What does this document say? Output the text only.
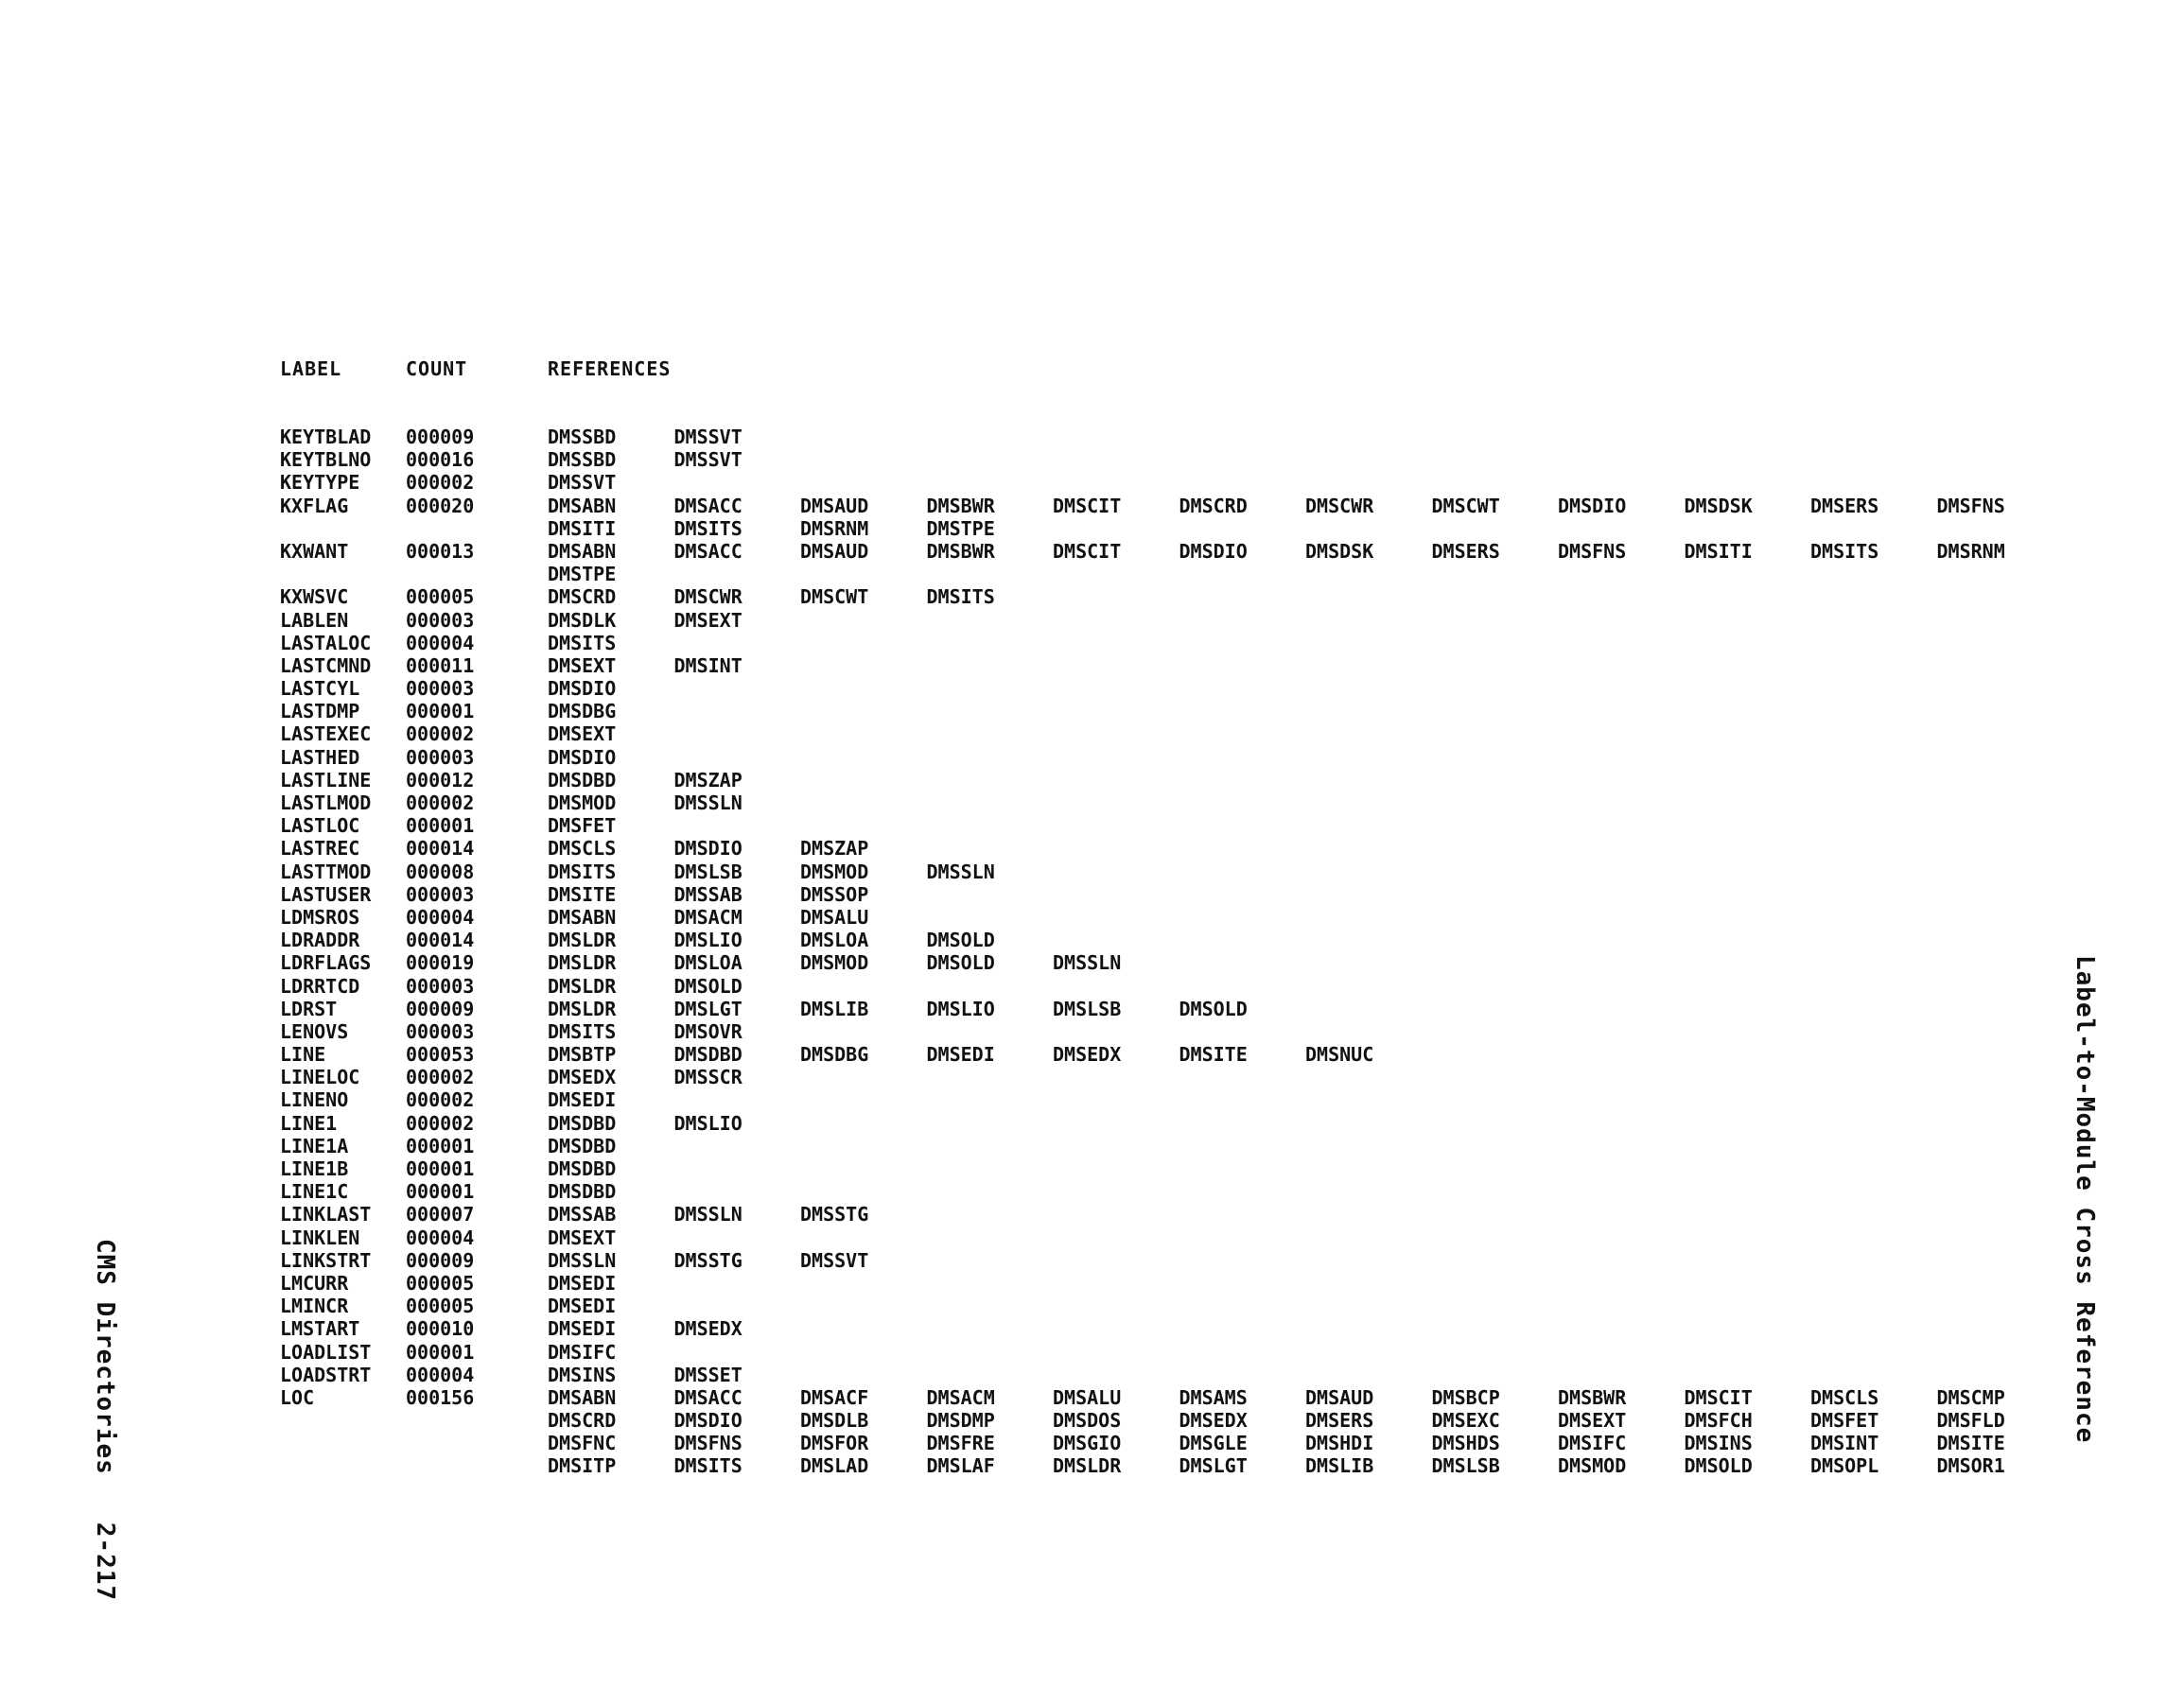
LABEL	COUNT	REFERENCES
KEYTBLAD 000009	DMSSBD	DMSSVT
KEYTBLNO 000016	DMSSBD	DMSSVT
KEYTYPE 000002	DMSSVT
KXFLAG	000020	DMSABN	DMSACC	DMSAUD	DMSBWR	DMSCIT	DMSCRD	DMSCWR	DMSCWT	DMSDIO	DMSDSK	DMSERS	DMSFNS
DMSITI	DMSITS	DMSRNM	DMSTPE
KXWANT	000013	DMSABN	DMSACC	DMSAUD	DMSBWR	DMSCIT	DMSDIO	DMSDSK	DMSERS	DMSFNS	DMSITI	DMSITS	DMSRNM
DMSTPE
KXWSVC	000005	DMSCRD	DMSCWR	DMSCWT	DMSITS
LABLEN	000003	DMSDLK	DMSEXT
LASTALOC 000004	DMSITS
LASTCMND 000011	DMSEXT	DMSINT
LASTCYL 000003	DMSDIO
LASTDMP 000001	DMSDBG
LASTEXEC 000002	DMSEXT
LASTHED 000003	DMSDIO
LASTLINE 000012	DMSDBD	DMSZAP
LASTLMOD 000002	DMSMOD	DMSSLN
LASTLOC 000001	DMSFET
LASTREC 000014	DMSCLS	DMSDIO	DMSZAP
LASTTMOD 000008	DMSITS	DMSLSB	DMSMOD	DMSSLN
LASTUSER 000003	DMSITE	DMSSAB	DMSSOP
LDMSROS 000004	DMSABN	DMSACM	DMSALU
LDRADDR 000014	DMSLDR	DMSLIO	DMSLOA	DMSOLD
LDRFLAGS 000019	DMSLDR	DMSLOA	DMSMOD	DMSOLD	DMSSLN
LDRRTCD 000003	DMSLDR	DMSOLD
LDRST	000009	DMSLDR	DMSLGT	DMSLIB	DMSLIO	DMSLSB	DMSOLD
LENOVS	000003	DMSITS	DMSOVR
LINE	000053	DMSBTP	DMSDBD	DMSDBG	DMSEDI	DMSEDX	DMSITE	DMSNUC
LINELOC 000002	DMSEDX	DMSSCR
LINENO	000002	DMSEDI
LINE1	000002	DMSDBD	DMSLIO
LINE1A	000001	DMSDBD
LINE1B	000001	DMSDBD
LINE1C	000001	DMSDBD
LINKLAST 000007	DMSSAB	DMSSLN	DMSSTG
LINKLEN 000004	DMSEXT
LINKSTRT 000009	DMSSLN	DMSSTG	DMSSVT
LMCURR	000005	DMSEDI
LMINCR	000005	DMSEDI
LMSTART 000010	DMSEDI	DMSEDX
LOADLIST 000001	DMSIFC
LOADSTRT 000004	DMSINS	DMSSET
LOC	000156	DMSABN	DMSACC	DMSACF	DMSACM	DMSALU	DMSAMS	DMSAUD	DMSBCP	DMSBWR	DMSCIT	DMSCLS	DMSCMP
DMSCRD	DMSDIO	DMSDLB	DMSDMP	DMSDOS	DMSEDX	DMSERS	DMSEXC	DMSEXT	DMSFCH	DMSFET	DMSFLD
DMSFNC	DMSFNS	DMSFOR	DMSFRE	DMSGIO	DMSGLE	DMSHDI	DMSHDS	DMSIFC	DMSINS	DMSINT	DMSITE
DMSITP	DMSITS	DMSLAD	DMSLAF	DMSLDR	DMSLGT	DMSLIB	DMSLSB	DMSMOD	DMSOLD	DMSOPL	DMSOR1
CMS Directories   2-217	Label-to-Module Cross Reference
